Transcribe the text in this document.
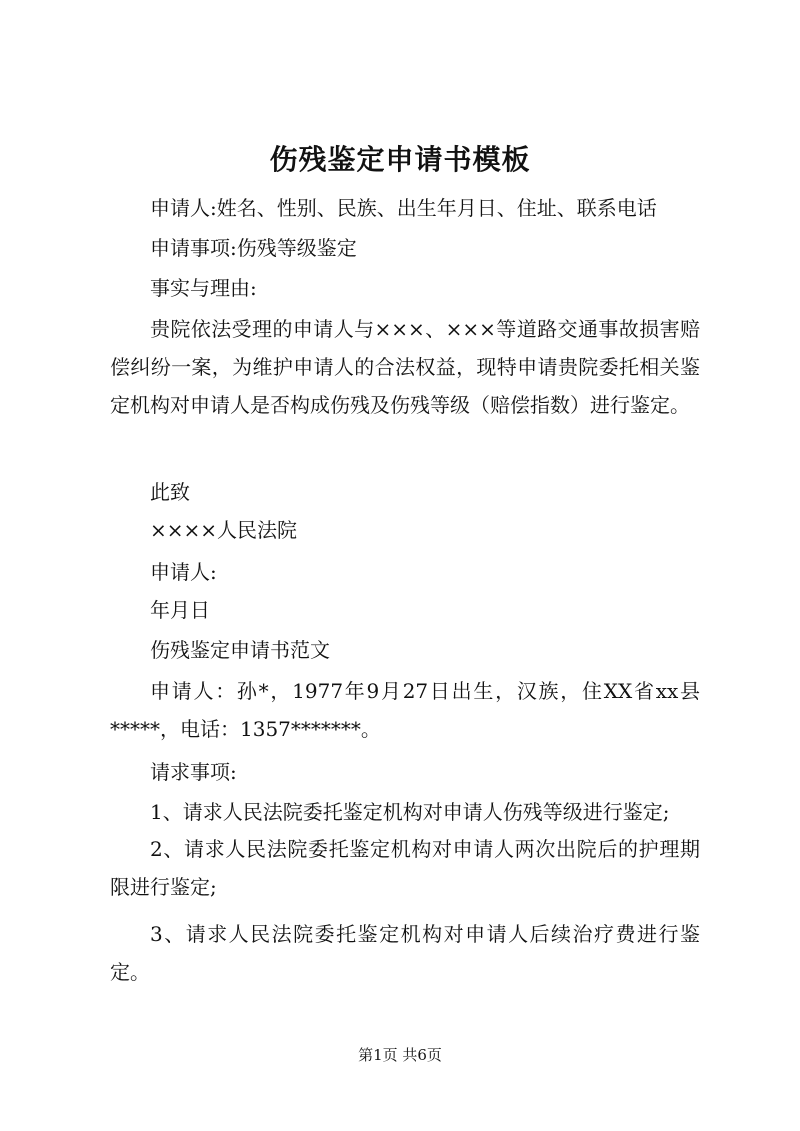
伤残鉴定申请书模板
申请人:姓名、性别、民族、出生年月日、住址、联系电话
申请事项:伤残等级鉴定
事实与理由:
贵院依法受理的申请人与×××、×××等道路交通事故损害赔偿纠纷一案，为维护申请人的合法权益，现特申请贵院委托相关鉴定机构对申请人是否构成伤残及伤残等级（赔偿指数）进行鉴定。
此致
××××人民法院
申请人:
年月日
伤残鉴定申请书范文
申请人：孙*，1977年9月27日出生，汉族，住XX省xx县*****，电话：1357*******。
请求事项:
1、请求人民法院委托鉴定机构对申请人伤残等级进行鉴定;
2、请求人民法院委托鉴定机构对申请人两次出院后的护理期限进行鉴定;
3、请求人民法院委托鉴定机构对申请人后续治疗费进行鉴定。
第1页 共6页
